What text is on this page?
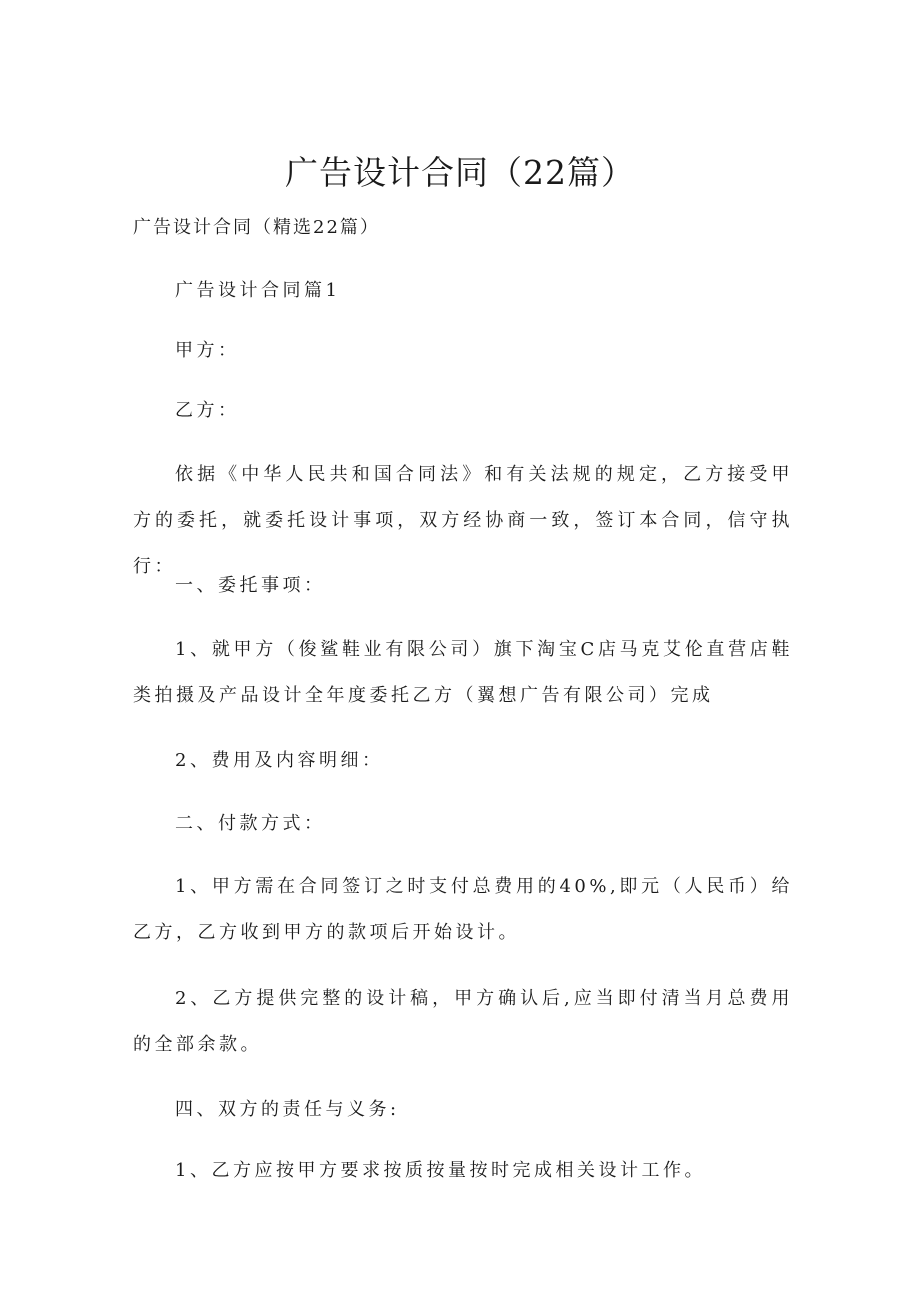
广告设计合同（22篇）

广告设计合同（精选22篇）

广告设计合同篇1

甲方：

乙方：

依据《中华人民共和国合同法》和有关法规的规定，乙方接受甲方的委托，就委托设计事项，双方经协商一致，签订本合同，信守执行：

一、委托事项：

1、就甲方（俊鲨鞋业有限公司）旗下淘宝C店马克艾伦直营店鞋类拍摄及产品设计全年度委托乙方（翼想广告有限公司）完成

2、费用及内容明细：

二、付款方式：

1、甲方需在合同签订之时支付总费用的40%,即元（人民币）给乙方，乙方收到甲方的款项后开始设计。

2、乙方提供完整的设计稿，甲方确认后,应当即付清当月总费用的全部余款。

四、双方的责任与义务:

1、乙方应按甲方要求按质按量按时完成相关设计工作。
